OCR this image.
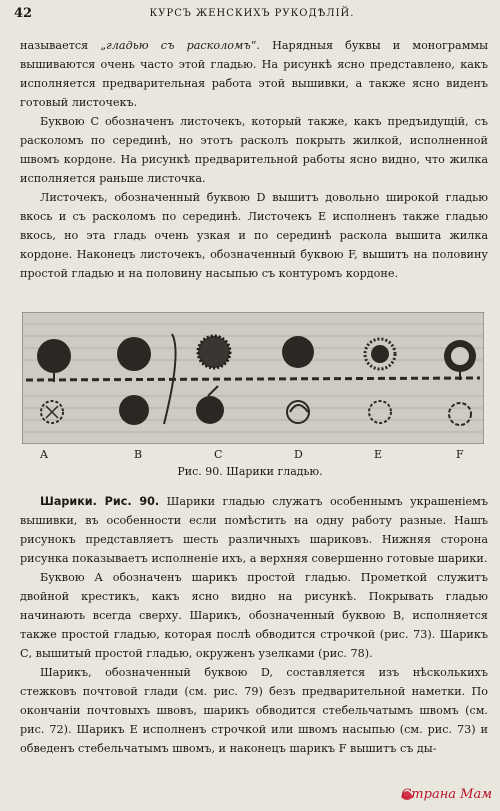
42	КУРСЪ ЖЕНСКИХЪ РУКОДѢЛІЙ.

называется „гладью съ расколомъ“. Нарядныя буквы и монограммы вышиваются очень часто этой гладью. На рисункѣ ясно представлено, какъ исполняется предварительная работа этой вышивки, а также ясно виденъ готовый листочекъ.

Буквою С обозначенъ листочекъ, который также, какъ предъидущій, съ расколомъ по серединѣ, но этотъ расколъ покрыть жилкой, исполненной швомъ кордоне. На рисункѣ предварительной работы ясно видно, что жилка исполняется раньше листочка.

Листочекъ, обозначенный буквою D вышитъ довольно широкой гладью вкось и съ расколомъ по серединѣ. Листочекъ Е исполненъ также гладью вкось, но эта гладь очень узкая и по серединѣ раскола вышита жилка кордоне. Наконецъ листочекъ, обозначенный буквою F, вышитъ на половину простой гладью и на половину насыпью съ контуромъ кордоне.

A	B	C	D	E	F
Рис. 90. Шарики гладью.

Шарики. Рис. 90. Шарики гладью служатъ особеннымъ украшеніемъ вышивки, въ особенности если помѣстить на одну работу разные. Нашъ рисунокъ представляетъ шесть различныхъ шариковъ. Нижняя сторона рисунка показываетъ исполненіе ихъ, а верхняя совершенно готовые шарики.

Буквою А обозначенъ шарикъ простой гладью. Прометкой служитъ двойной крестикъ, какъ ясно видно на рисункѣ. Покрывать гладью начинають всегда сверху. Шарикъ, обозначенный буквою В, исполняется также простой гладью, которая послѣ обводится строчкой (рис. 73). Шарикъ С, вышитый простой гладью, окруженъ узелками (рис. 78).

Шарикъ, обозначенный буквою D, составляется изъ нѣсколькихъ стежковъ почтовой глади (см. рис. 79) безъ предварительной наметки. По окончаніи почтовыхъ швовъ, шарикъ обводится стебельчатымъ швомъ (см. рис. 72). Шарикъ Е исполненъ строчкой или швомъ насыпью (см. рис. 73) и обведенъ стебельчатымъ швомъ, и наконецъ шарикъ F вышитъ съ ды-

Страна Мам
